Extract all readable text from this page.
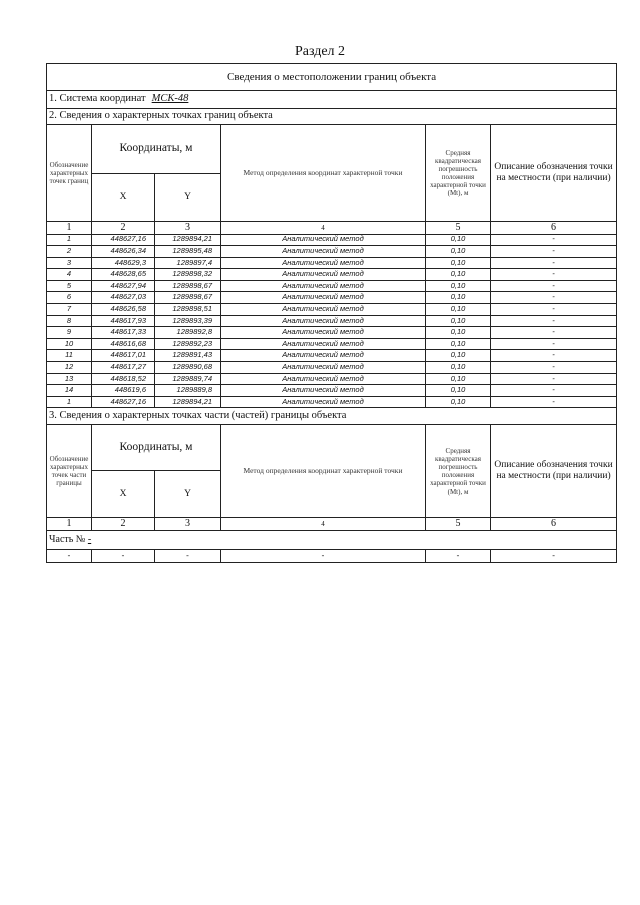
Раздел 2
Сведения о местоположении границ объекта					
1. Система координат МСК-48					
2. Сведения о характерных точках границ объекта					
Обозначение характерных точек границ	Координаты, м		Метод определения координат характерной точки	Средняя квадратическая погрешность положения характерной точки (Mt), м	Описание обозначения точки на местности (при наличии)
	X	Y			
1	2	3	4	5	6
1	448627,16	1289894,21	Аналитический метод	0,10	-
2	448626,34	1289895,48	Аналитический метод	0,10	-
3	448629,3	1289897,4	Аналитический метод	0,10	-
4	448628,65	1289898,32	Аналитический метод	0,10	-
5	448627,94	1289898,67	Аналитический метод	0,10	-
6	448627,03	1289898,67	Аналитический метод	0,10	-
7	448626,58	1289898,51	Аналитический метод	0,10	-
8	448617,93	1289893,39	Аналитический метод	0,10	-
9	448617,33	1289892,8	Аналитический метод	0,10	-
10	448616,68	1289892,23	Аналитический метод	0,10	-
11	448617,01	1289891,43	Аналитический метод	0,10	-
12	448617,27	1289890,68	Аналитический метод	0,10	-
13	448618,52	1289889,74	Аналитический метод	0,10	-
14	448619,6	1289889,8	Аналитический метод	0,10	-
1	448627,16	1289894,21	Аналитический метод	0,10	-
3. Сведения о характерных точках части (частей) границы объекта					
Обозначение характерных точек части границы	Координаты, м		Метод определения координат характерной точки	Средняя квадратическая погрешность положения характерной точки (Mt), м	Описание обозначения точки на местности (при наличии)
	X	Y			
1	2	3	4	5	6
Часть № -					
-	-	-	-	-	-
